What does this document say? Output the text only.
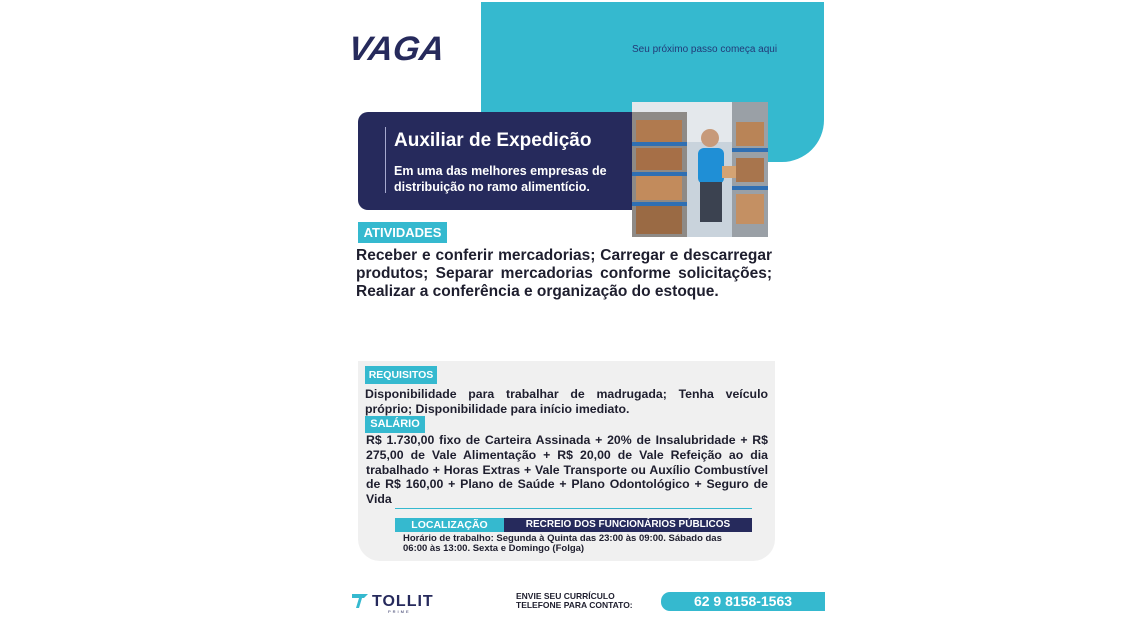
VAGA	Seu próximo passo começa aqui
Auxiliar de Expedição
Em uma das melhores empresas de distribuição no ramo alimentício.
ATIVIDADES
Receber e conferir mercadorias; Carregar e descarregar produtos; Separar mercadorias conforme solicitações; Realizar a conferência e organização do estoque.
REQUISITOS
Disponibilidade para trabalhar de madrugada; Tenha veículo próprio; Disponibilidade para início imediato.
SALÁRIO
R$ 1.730,00 fixo de Carteira Assinada + 20% de Insalubridade + R$ 275,00 de Vale Alimentação + R$ 20,00 de Vale Refeição ao dia trabalhado + Horas Extras + Vale Transporte ou Auxílio Combustível de R$ 160,00 + Plano de Saúde + Plano Odontológico + Seguro de Vida
LOCALIZAÇÃO	RECREIO DOS FUNCIONÁRIOS PÚBLICOS
Horário de trabalho: Segunda à Quinta das 23:00 às 09:00. Sábado das 06:00 às 13:00. Sexta e Domingo (Folga)
TOLLIT
PRIME
ENVIE SEU CURRÍCULO
TELEFONE PARA CONTATO:	62 9 8158-1563
